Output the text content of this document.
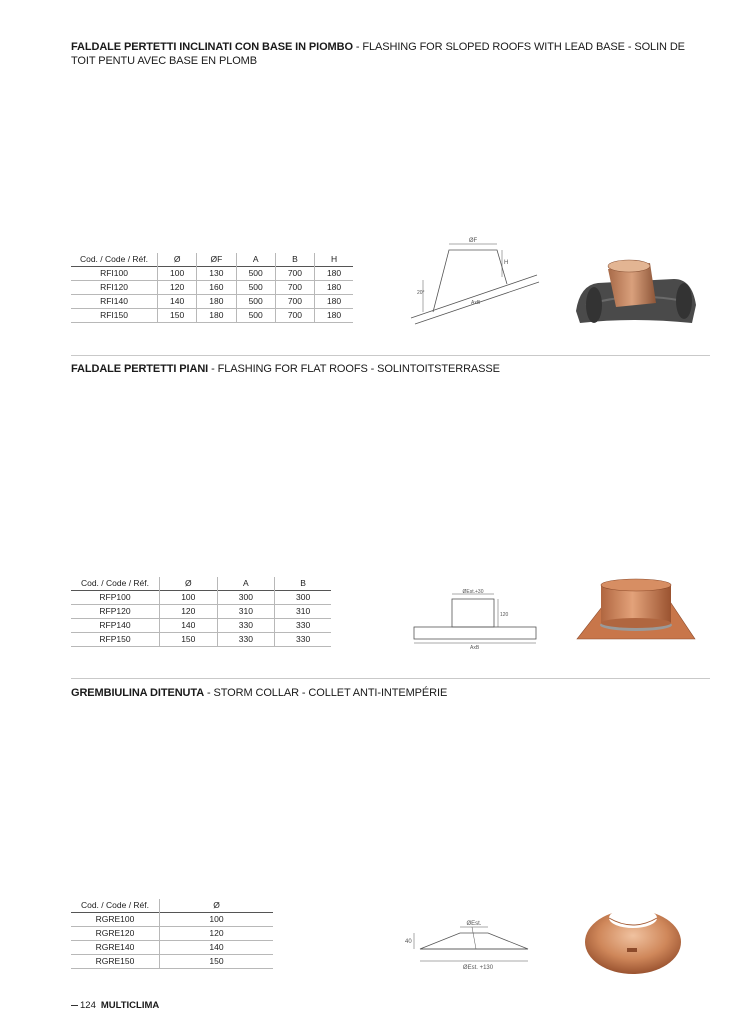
FALDALE PERTETTI INCLINATI CON BASE IN PIOMBO - FLASHING FOR SLOPED ROOFS WITH LEAD BASE - SOLIN DE TOIT PENTU AVEC BASE EN PLOMB
Cod. / Code / Réf.	Ø	ØF	A	B	H
RFI100	100	130	500	700	180
RFI120	120	160	500	700	180
RFI140	140	180	500	700	180
RFI150	150	180	500	700	180
ØF
H
20°
AxB
FALDALE PERTETTI PIANI - FLASHING FOR FLAT ROOFS - SOLINTOITSTERRASSE
Cod. / Code / Réf.	Ø	A	B
RFP100	100	300	300
RFP120	120	310	310
RFP140	140	330	330
RFP150	150	330	330
ØEst.+30
120
AxB
GREMBIULINA DITENUTA - STORM COLLAR - COLLET ANTI-INTEMPÉRIE
Cod. / Code / Réf.	Ø
RGRE100	100
RGRE120	120
RGRE140	140
RGRE150	150
ØEst.
40
ØEst. +130
124 MULTICLIMA
